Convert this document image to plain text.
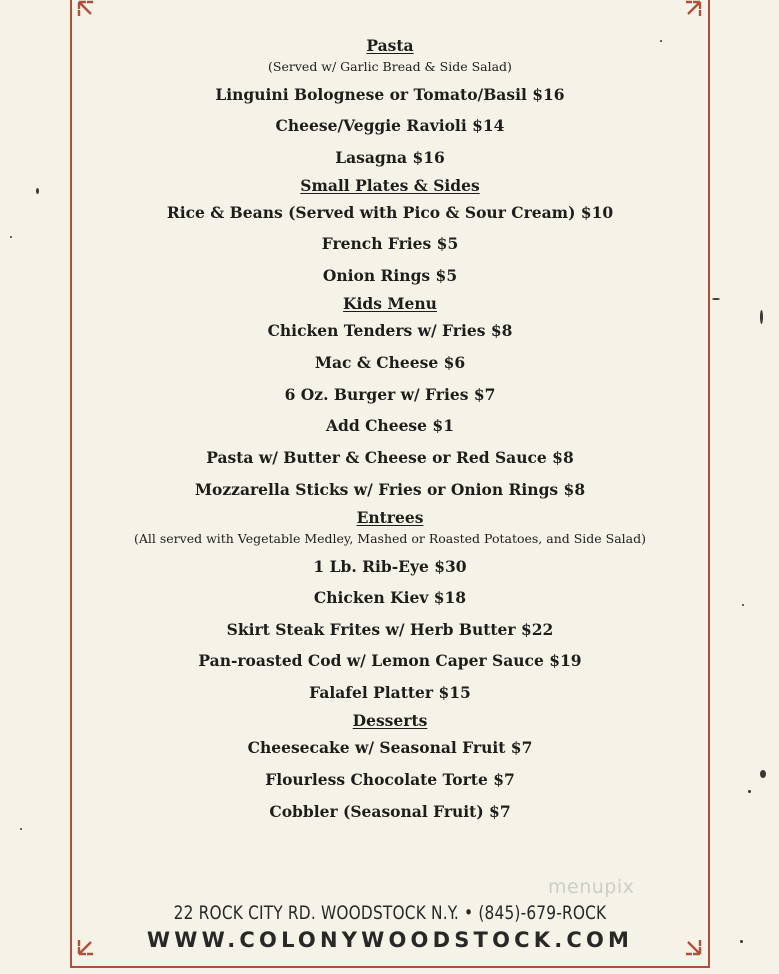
Pasta
(Served w/ Garlic Bread & Side Salad)
Linguini Bolognese or Tomato/Basil $16
Cheese/Veggie Ravioli $14
Lasagna $16
Small Plates & Sides
Rice & Beans (Served with Pico & Sour Cream) $10
French Fries $5
Onion Rings $5
Kids Menu
Chicken Tenders w/ Fries $8
Mac & Cheese $6
6 Oz. Burger w/ Fries $7
Add Cheese $1
Pasta w/ Butter & Cheese or Red Sauce $8
Mozzarella Sticks w/ Fries or Onion Rings $8
Entrees
(All served with Vegetable Medley, Mashed or Roasted Potatoes, and Side Salad)
1 Lb. Rib-Eye $30
Chicken Kiev $18
Skirt Steak Frites w/ Herb Butter $22
Pan-roasted Cod w/ Lemon Caper Sauce $19
Falafel Platter $15
Desserts
Cheesecake w/ Seasonal Fruit $7
Flourless Chocolate Torte $7
Cobbler (Seasonal Fruit) $7
menupix
22 ROCK CITY RD. WOODSTOCK N.Y. • (845)-679-ROCK
WWW.COLONYWOODSTOCK.COM
